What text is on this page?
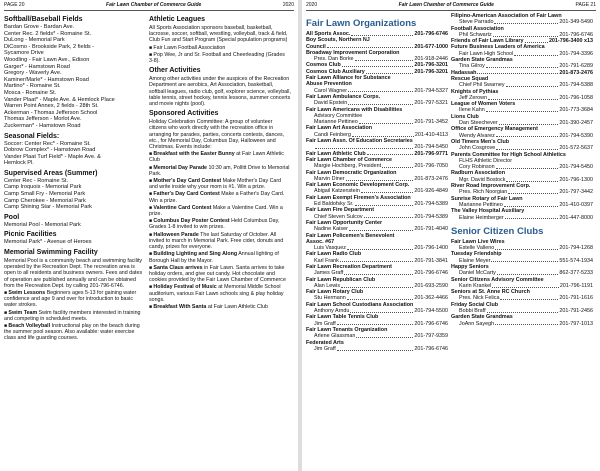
PAGE 20	Fair Lawn Chamber of Commerce Guide	2020
Softball/Baseball Fields
Bardan Grove - Bardan Ave.
Center Rec. 2 fields* - Romaine St.
DuLong - Memorial Park
DiCosmo - Brookside Park, 2 fields -
Sycamore Drive
Woodling - Fair Lawn Ave., Edison
Garger* - Hamstown Road
Gregory - Waverly Ave.
Kaminer/Marle* - Hamstown Road
Martino* - Romaine St.
Mosca - Romaine St.
Vander Plaat* - Maple Ave. & Hemlock Place
Warren Point Annex, 2 fields - 28th St.
Ackerman - Thomas Jefferson School
Thomas Jefferson - Morlot Ave.
Zuckerman* - Hamstown Road
Seasonal Fields:
Soccer: Center Rec* - Romaine St.
Dobrow Complex* - Hamstown Road
Vander Plaat Turf Field* - Maple Ave. &
Hemlock Pl.
Supervised Areas (Summer)
Center Rec - Romaine St.
Camp Iroquois - Memorial Park
Camp Small Fry - Memorial Park
Camp Cherokee - Memorial Park
Camp Shining Star - Memorial Park
Pool
Memorial Pool - Memorial Park
Picnic Facilities
Memorial Park* - Avenue of Heroes
Memorial Swimming Facility
Memorial Pool is a community beach and swimming facility operated by the Recreation Dept. The recreation area is open to all residents and business owners. Fees and dates of operation are published annually and can be obtained from the Recreation Dept. by calling 201-796-6746.
■ Swim Lessons Beginners ages 5-13 for gaining water confidence and age 9 and over for introduction to basic water strokes.
■ Swim Team Swim facility members interested in training and competing in scheduled meets.
■ Beach Volleyball Instructional play on the beach during the summer pool season. Also available: water exercise class and life guarding courses.
Athletic Leagues
All Sports Association sponsors baseball, basketball, lacrosse, soccer, softball, wrestling, volleyball, track & field, Club Fun and Start Program (Special population programs)
■ Fair Lawn Football Association
■ Pop Wee, Jr and Sr. Football and Cheerleading (Grades 3-8).
Other Activities
Among other activities under the auspices of the Recreation Department are aerobics, Art Association, basketball, softball leagues, radio club, golf, explorer science, volleyball, table tennis, street hockey, tennis lessons, summer concerts and movie nights (pool).
Sponsored Activities
Holiday Celebration Committee: A group of volunteer citizens who work directly with the recreation office in arranging for parades, parties, concerts contests, dances, etc., for Memorial Day, Columbus Day, Halloween and Christmas. Events include:
■ Breakfast with the Easter Bunny at Fair Lawn Athletic Club
■ Memorial Day Parade 10:30 am, Pollitt Drive to Memorial Park.
■ Mother's Day Card Contest Make Mother's Day Card and write inside why your mom is #1. Win a prize.
■ Father's Day Card Contest Make a Father's Day Card. Win a prize.
■ Valentine Card Contest Make a Valentine Card. Win a prize.
■ Columbus Day Poster Contest Held Columbus Day, Grades 1-8 invited to win prizes.
■ Halloween Parade The last Saturday of October. All invited to march in Memorial Park. Free cider, donuts and candy, prizes for everyone.
■ Building Lighting and Sing Along Annual lighting of Borough Hall by the Mayor.
■ Santa Claus arrives in Fair Lawn. Santa arrives to take holiday orders, and give out candy. Hot chocolate and cookies provided by the Fair Lawn Chamber of Commerce
■ Holiday Festival of Music at Memorial Middle School auditorium, various Fair Lawn schools sing & play holiday songs.
■ Breakfast With Santa at Fair Lawn Athletic Club
2020	Fair Lawn Chamber of Commerce Guide	PAGE 21
Fair Lawn Organizations
All Sports Assoc.	201-796-6746
Boy Scouts, Northern NJ
Council	201-677-1000
Broadway Improvement Corporation
Pres. Dan Borke	201-918-2446
Cosmos Club	201-796-3201
Cosmos Club Auxiliary	201-796-3201
Fair Lawn Alliance for Substance
Abuse Prevention
Carol Wagner	201-794-5327
Fair Lawn Ambulance Corps.
David Epstein	201-797-5321
Fair Lawn Americans with Disabilities
Advisory Committee
Marianne Pettineo	201-791-3452
Fair Lawn Art Association
Candi Feinberg	201-410-4113
Fair Lawn Assn. Of Education Secretaries
201-794-5450
Fair Lawn Athletic Club	201-796-9771
Fair Lawn Chamber of Commerce
Margie Hochberg, President	201-796-7050
Fair Lawn Democratic Organization
Marvin Diner	201-873-2476
Fair Lawn Economic Development Corp.
Abigail Katzenstein	201-926-4849
Fair Lawn Exempt Firemen's Association
Ed Baldofsky Sr.	201-794-5389
Fair Lawn Fire Department
Chief Steven Sulcov	201-794-5389
Fair Lawn Opportunity Center
Nadine Kaiser	201-791-4040
Fair Lawn Policemen's Benevolent
Assoc. #67
Luis Vasquez	201-796-1400
Fair Lawn Radio Club
Karl Frank	201-791-3841
Fair Lawn Recreation Department
James Graff	201-796-6746
Fair Lawn Republican Club
Alan Lewis	201-693-2590
Fair Lawn Rotary Club
Stu Hermann	201-362-4466
Fair Lawn School Custodians Association
Anthony Arndu	201-794-5500
Fair Lawn Table Tennis Club
Jim Graff	201-796-6746
Fair Lawn Tenants Organization
Arlene Glassman	201-797-9359
Federated Arts
Jim Graff	201-796-6746
Filipino-American Association of Fair Lawn
Steve Parrado	201-349-5490
Football Association
Phil Schwartz	201-796-6746
Friends of Fair Lawn Library	201-796-3400 x13
Future Business Leaders of America
Fair Lawn High School	201-794-3396
Garden State Grandmas
Tina Gilroy	201-791-6289
Hadassah	201-873-2476
Rescue Squad
Chief Phil Swarney	201-794-5388
Knights of Pythias
Jeff Zerown	201-796-1058
League of Women Voters
Ilene Kahn	201-773-3684
Lions Club
Dan Steechever	201-390-2457
Office of Emergency Management
Wendy Alvarez	201-794-5390
Old Timers Men's Club
John Cosgrove	201-572-5637
Parents Committee for High School Athletics
FLHS Athletic Director
Cory Robinson	201-794-5450
Radburn Association
Mgr. David Bostock	201-796-1300
River Road Improvement Corp.
Pres. Rich Noorgian	201-797-3442
Sunrise Rotary of Fair Lawn
Marianne Pettineo	201-410-0397
The Valley Hospital Auxiliary
Elaine Heimberger	201-447-8000
Senior Citizen Clubs
Fair Lawn Live Wires
Estelle Valleno	201-794-1268
Tuesday Friendship
Elaine Meyer	551-574-1934
Happy Seniors
Daniel McCarty	862-377-5233
Senior Citizens Advisory Committee
Karin Krankel	201-796-1191
Seniors at St. Anne RC Church
Pres. Nick Felica	201-791-1616
Friday Social Club
Bobbi Braff	201-791-2456
Garden State Grandmas
JoAnn Sayegh	201-797-1013
